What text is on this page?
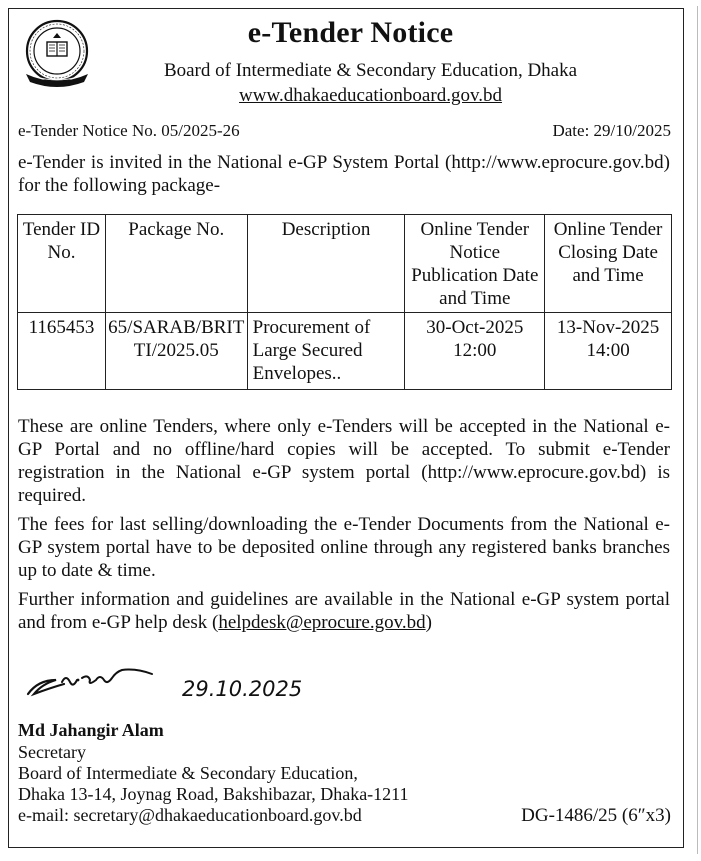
e-Tender Notice
Board of Intermediate & Secondary Education, Dhaka
www.dhakaeducationboard.gov.bd
e-Tender Notice No. 05/2025-26	Date: 29/10/2025
e-Tender is invited in the National e-GP System Portal (http://www.eprocure.gov.bd) for the following package-
Tender ID No.	Package No.	Description	Online Tender Notice Publication Date and Time	Online Tender Closing Date and Time
1165453	65/SARAB/BRITTI/2025.05	Procurement of Large Secured Envelopes..	30-Oct-2025 12:00	13-Nov-2025 14:00
These are online Tenders, where only e-Tenders will be accepted in the National e-GP Portal and no offline/hard copies will be accepted. To submit e-Tender registration in the National e-GP system portal (http://www.eprocure.gov.bd) is required.
The fees for last selling/downloading the e-Tender Documents from the National e-GP system portal have to be deposited online through any registered banks branches up to date & time.
Further information and guidelines are available in the National e-GP system portal and from e-GP help desk (helpdesk@eprocure.gov.bd)
29.10.2025
Md Jahangir Alam
Secretary
Board of Intermediate & Secondary Education,
Dhaka 13-14, Joynag Road, Bakshibazar, Dhaka-1211
e-mail: secretary@dhakaeducationboard.gov.bd	DG-1486/25 (6″x3)
